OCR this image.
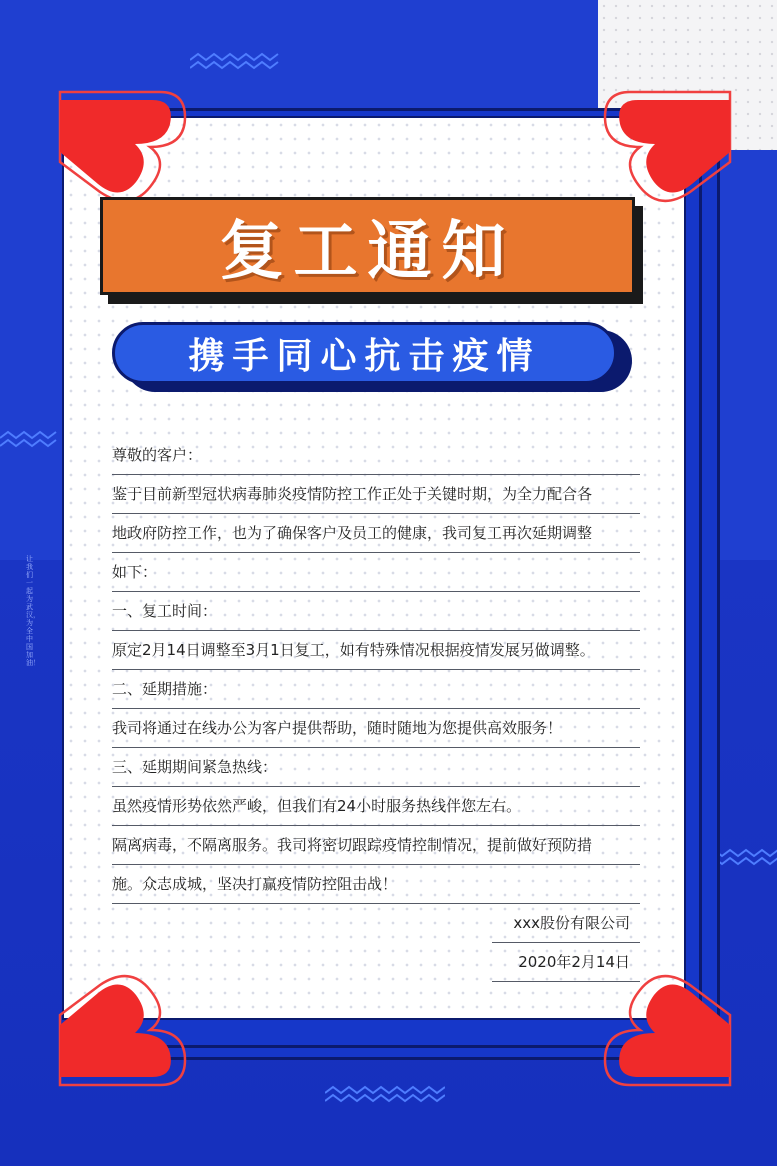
让我们一起为武汉，为全中国加油！
复工通知
携手同心抗击疫情
尊敬的客户：
鉴于目前新型冠状病毒肺炎疫情防控工作正处于关键时期，为全力配合各
地政府防控工作，也为了确保客户及员工的健康，我司复工再次延期调整
如下：
一、复工时间：
原定2月14日调整至3月1日复工，如有特殊情况根据疫情发展另做调整。
二、延期措施：
我司将通过在线办公为客户提供帮助，随时随地为您提供高效服务！
三、延期期间紧急热线：
虽然疫情形势依然严峻，但我们有24小时服务热线伴您左右。
隔离病毒，不隔离服务。我司将密切跟踪疫情控制情况，提前做好预防措
施。众志成城，坚决打赢疫情防控阻击战！
xxx股份有限公司
2020年2月14日
